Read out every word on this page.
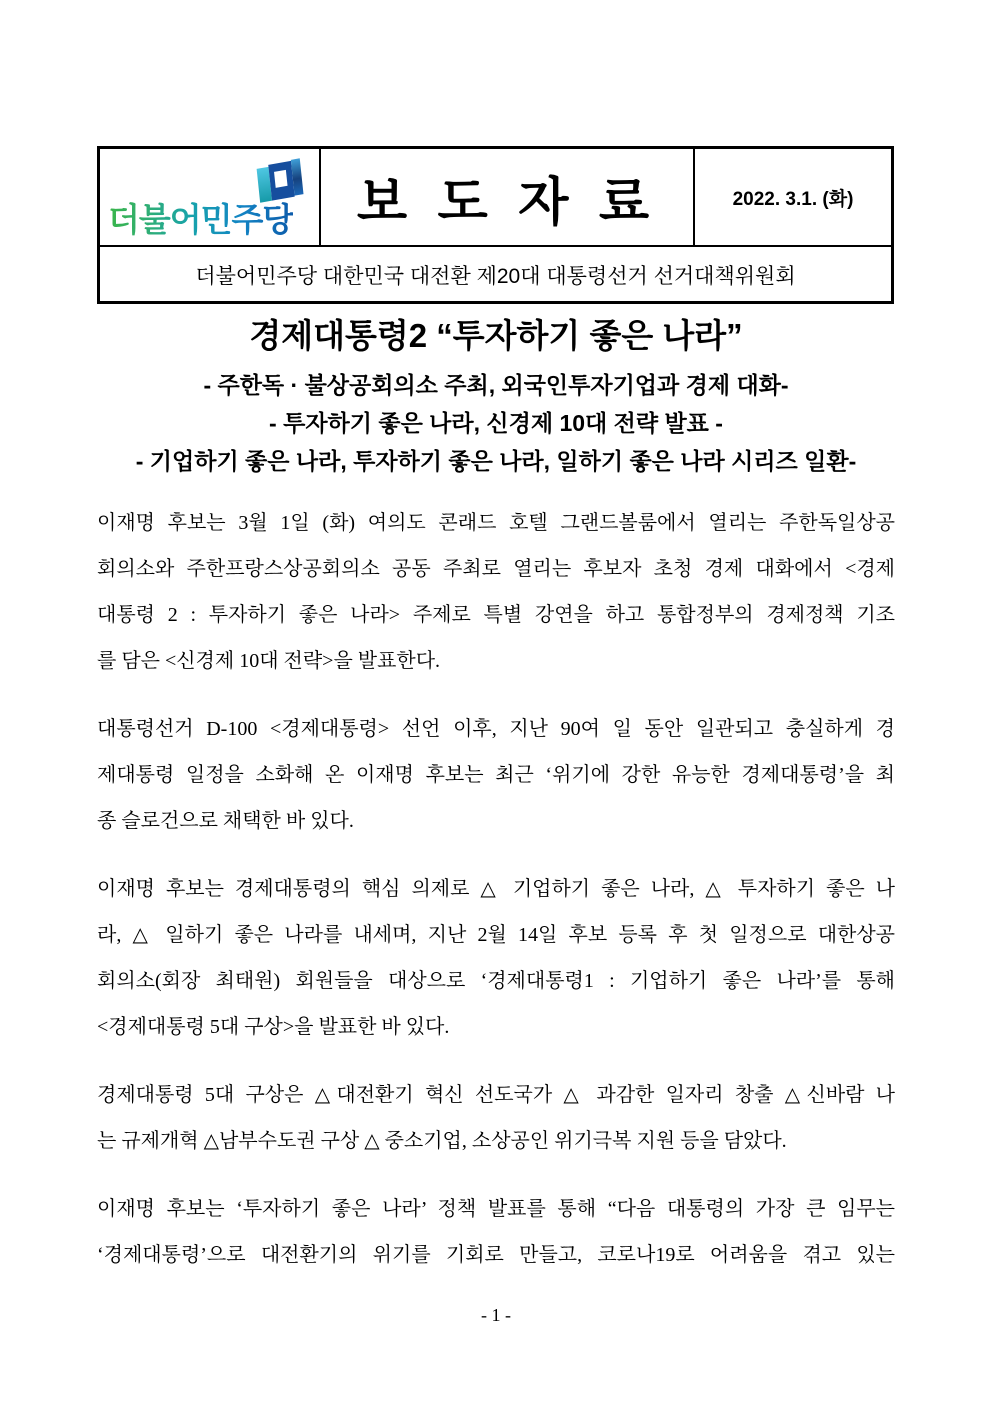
더불어민주당	보 도 자 료	2022. 3.1. (화)
더불어민주당 대한민국 대전환 제20대 대통령선거 선거대책위원회
경제대통령2 “투자하기 좋은 나라”
- 주한독 · 불상공회의소 주최, 외국인투자기업과 경제 대화-
- 투자하기 좋은 나라, 신경제 10대 전략 발표 -
- 기업하기 좋은 나라, 투자하기 좋은 나라, 일하기 좋은 나라 시리즈 일환-
이재명 후보는 3월 1일 (화) 여의도 콘래드 호텔 그랜드볼룸에서 열리는 주한독일상공
회의소와 주한프랑스상공회의소 공동 주최로 열리는 후보자 초청 경제 대화에서 <경제
대통령 2 : 투자하기 좋은 나라> 주제로 특별 강연을 하고 통합정부의 경제정책 기조
를 담은 <신경제 10대 전략>을 발표한다.
대통령선거 D-100 <경제대통령> 선언 이후, 지난 90여 일 동안 일관되고 충실하게 경
제대통령 일정을 소화해 온 이재명 후보는 최근 ‘위기에 강한 유능한 경제대통령’을 최
종 슬로건으로 채택한 바 있다.
이재명 후보는 경제대통령의 핵심 의제로 △ 기업하기 좋은 나라, △ 투자하기 좋은 나
라, △ 일하기 좋은 나라를 내세며, 지난 2월 14일 후보 등록 후 첫 일정으로 대한상공
회의소(회장 최태원) 회원들을 대상으로 ‘경제대통령1 : 기업하기 좋은 나라’를 통해
<경제대통령 5대 구상>을 발표한 바 있다.
경제대통령 5대 구상은 △대전환기 혁신 선도국가 △ 과감한 일자리 창출 △신바람 나
는 규제개혁 △남부수도권 구상 △ 중소기업, 소상공인 위기극복 지원 등을 담았다.
이재명 후보는 ‘투자하기 좋은 나라’ 정책 발표를 통해 “다음 대통령의 가장 큰 임무는
‘경제대통령’으로 대전환기의 위기를 기회로 만들고, 코로나19로 어려움을 겪고 있는
- 1 -
